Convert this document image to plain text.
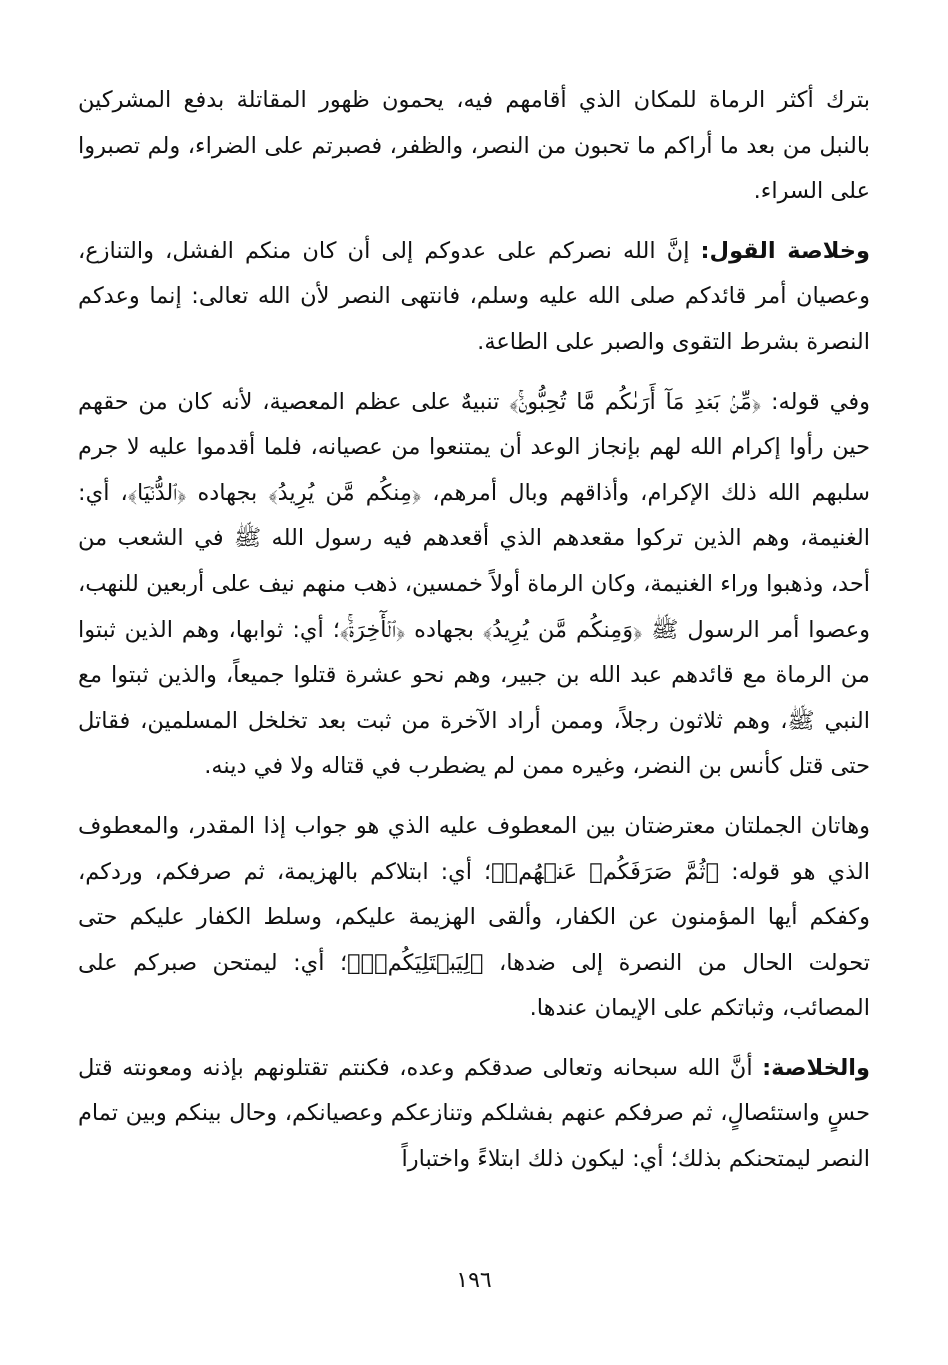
بترك أكثر الرماة للمكان الذي أقامهم فيه، يحمون ظهور المقاتلة بدفع المشركين بالنبل من بعد ما أراكم ما تحبون من النصر، والظفر، فصبرتم على الضراء، ولم تصبروا على السراء.

وخلاصة القول: إنَّ الله نصركم على عدوكم إلى أن كان منكم الفشل، والتنازع، وعصيان أمر قائدكم صلى الله عليه وسلم، فانتهى النصر لأن الله تعالى: إنما وعدكم النصرة بشرط التقوى والصبر على الطاعة.

وفي قوله: ﴿مِّنۢ بَعۡدِ مَآ أَرَىٰكُم مَّا تُحِبُّونَۚ﴾ تنبيهٌ على عظم المعصية، لأنه كان من حقهم حين رأوا إكرام الله لهم بإنجاز الوعد أن يمتنعوا من عصيانه، فلما أقدموا عليه لا جرم سلبهم الله ذلك الإكرام، وأذاقهم وبال أمرهم، ﴿مِنكُم مَّن يُرِيدُ﴾ بجهاده ﴿ٱلدُّنۡيَا﴾، أي: الغنيمة، وهم الذين تركوا مقعدهم الذي أقعدهم فيه رسول الله ﷺ في الشعب من أحد، وذهبوا وراء الغنيمة، وكان الرماة أولاً خمسين، ذهب منهم نيف على أربعين للنهب، وعصوا أمر الرسول ﷺ ﴿وَمِنكُم مَّن يُرِيدُ﴾ بجهاده ﴿ٱلۡأٓخِرَةَۚ﴾؛ أي: ثوابها، وهم الذين ثبتوا من الرماة مع قائدهم عبد الله بن جبير، وهم نحو عشرة قتلوا جميعاً، والذين ثبتوا مع النبي ﷺ، وهم ثلاثون رجلاً، وممن أراد الآخرة من ثبت بعد تخلخل المسلمين، فقاتل حتى قتل كأنس بن النضر، وغيره ممن لم يضطرب في قتاله ولا في دينه.

وهاتان الجملتان معترضتان بين المعطوف عليه الذي هو جواب إذا المقدر، والمعطوف الذي هو قوله: ﴿ثُمَّ صَرَفَكُمۡ عَنۡهُمۡ﴾؛ أي: ابتلاكم بالهزيمة، ثم صرفكم، وردكم، وكفكم أيها المؤمنون عن الكفار، وألقى الهزيمة عليكم، وسلط الكفار عليكم حتى تحولت الحال من النصرة إلى ضدها، ﴿لِيَبۡتَلِيَكُمۡۖ﴾؛ أي: ليمتحن صبركم على المصائب، وثباتكم على الإيمان عندها.

والخلاصة: أنَّ الله سبحانه وتعالى صدقكم وعده، فكنتم تقتلونهم بإذنه ومعونته قتل حسٍ واستئصالٍ، ثم صرفكم عنهم بفشلكم وتنازعكم وعصيانكم، وحال بينكم وبين تمام النصر ليمتحنكم بذلك؛ أي: ليكون ذلك ابتلاءً واختباراً

١٩٦
